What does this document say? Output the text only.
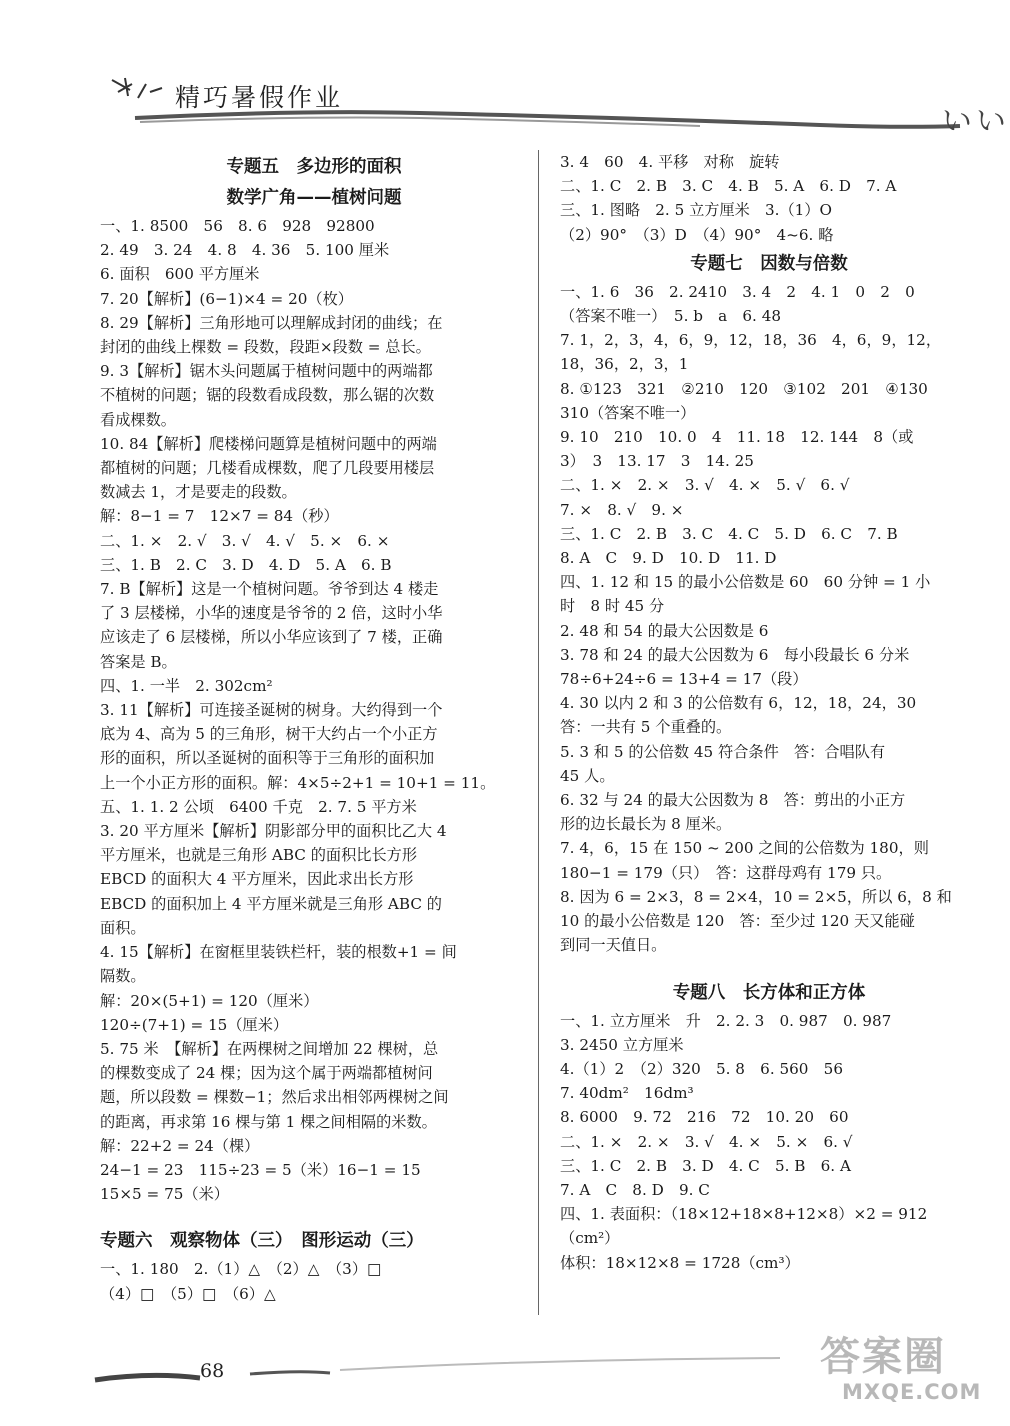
精巧暑假作业
いい
专题五　多边形的面积
数学广角——植树问题
一、1. 8500　56　8. 6　928　92800
2. 49　3. 24　4. 8　4. 36　5. 100 厘米
6. 面积　600 平方厘米
7. 20【解析】(6−1)×4 = 20（枚）
8. 29【解析】三角形地可以理解成封闭的曲线；在
封闭的曲线上棵数 = 段数，段距×段数 = 总长。
9. 3【解析】锯木头问题属于植树问题中的两端都
不植树的问题；锯的段数看成段数，那么锯的次数
看成棵数。
10. 84【解析】爬楼梯问题算是植树问题中的两端
都植树的问题；几楼看成棵数，爬了几段要用楼层
数减去 1，才是要走的段数。
解：8−1 = 7　12×7 = 84（秒）
二、1. ×　2. √　3. √　4. √　5. ×　6. ×
三、1. B　2. C　3. D　4. D　5. A　6. B
7. B【解析】这是一个植树问题。爷爷到达 4 楼走
了 3 层楼梯，小华的速度是爷爷的 2 倍，这时小华
应该走了 6 层楼梯，所以小华应该到了 7 楼，正确
答案是 B。
四、1. 一半　2. 302cm²
3. 11【解析】可连接圣诞树的树身。大约得到一个
底为 4、高为 5 的三角形，树干大约占一个小正方
形的面积，所以圣诞树的面积等于三角形的面积加
上一个小正方形的面积。解：4×5÷2+1 = 10+1 = 11。
五、1. 1. 2 公顷　6400 千克　2. 7. 5 平方米
3. 20 平方厘米【解析】阴影部分甲的面积比乙大 4
平方厘米，也就是三角形 ABC 的面积比长方形
EBCD 的面积大 4 平方厘米，因此求出长方形
EBCD 的面积加上 4 平方厘米就是三角形 ABC 的
面积。
4. 15【解析】在窗框里装铁栏杆，装的根数+1 = 间
隔数。
解：20×(5+1) = 120（厘米）
120÷(7+1) = 15（厘米）
5. 75 米　【解析】在两棵树之间增加 22 棵树，总
的棵数变成了 24 棵；因为这个属于两端都植树问
题，所以段数 = 棵数−1；然后求出相邻两棵树之间
的距离，再求第 16 棵与第 1 棵之间相隔的米数。
解：22+2 = 24（棵）
24−1 = 23　115÷23 = 5（米）16−1 = 15
15×5 = 75（米）
专题六　观察物体（三）　图形运动（三）
一、1. 180　2.（1）△　（2）△　（3）□
（4）□　（5）□　（6）△
3. 4　60　4. 平移　对称　旋转
二、1. C　2. B　3. C　4. B　5. A　6. D　7. A
三、1. 图略　2. 5 立方厘米　3.（1）O
（2）90°　（3）D　（4）90°　4~6. 略
专题七　因数与倍数
一、1. 6　36　2. 2410　3. 4　2　4. 1　0　2　0
（答案不唯一）　5. b　a　6. 48
7. 1，2，3，4，6，9，12，18，36　4，6，9，12，
18，36，2，3，1
8. ①123　321　②210　120　③102　201　④130
310（答案不唯一）
9. 10　210　10. 0　4　11. 18　12. 144　8（或
3）　3　13. 17　3　14. 25
二、1. ×　2. ×　3. √　4. ×　5. √　6. √
7. ×　8. √　9. ×
三、1. C　2. B　3. C　4. C　5. D　6. C　7. B
8. A　C　9. D　10. D　11. D
四、1. 12 和 15 的最小公倍数是 60　60 分钟 = 1 小
时　8 时 45 分
2. 48 和 54 的最大公因数是 6
3. 78 和 24 的最大公因数为 6　每小段最长 6 分米
78÷6+24÷6 = 13+4 = 17（段）
4. 30 以内 2 和 3 的公倍数有 6，12，18，24，30
答：一共有 5 个重叠的。
5. 3 和 5 的公倍数 45 符合条件　答：合唱队有
45 人。
6. 32 与 24 的最大公因数为 8　答：剪出的小正方
形的边长最长为 8 厘米。
7. 4，6，15 在 150 ~ 200 之间的公倍数为 180，则
180−1 = 179（只）　答：这群母鸡有 179 只。
8. 因为 6 = 2×3，8 = 2×4，10 = 2×5，所以 6，8 和
10 的最小公倍数是 120　答：至少过 120 天又能碰
到同一天值日。
专题八　长方体和正方体
一、1. 立方厘米　升　2. 2. 3　0. 987　0. 987
3. 2450 立方厘米
4.（1）2　（2）320　5. 8　6. 560　56
7. 40dm²　16dm³
8. 6000　9. 72　216　72　10. 20　60
二、1. ×　2. ×　3. √　4. ×　5. ×　6. √
三、1. C　2. B　3. D　4. C　5. B　6. A
7. A　C　8. D　9. C
四、1. 表面积：（18×12+18×8+12×8）×2 = 912
（cm²）
体积：18×12×8 = 1728（cm³）
68	答案圈
MXQE.COM
